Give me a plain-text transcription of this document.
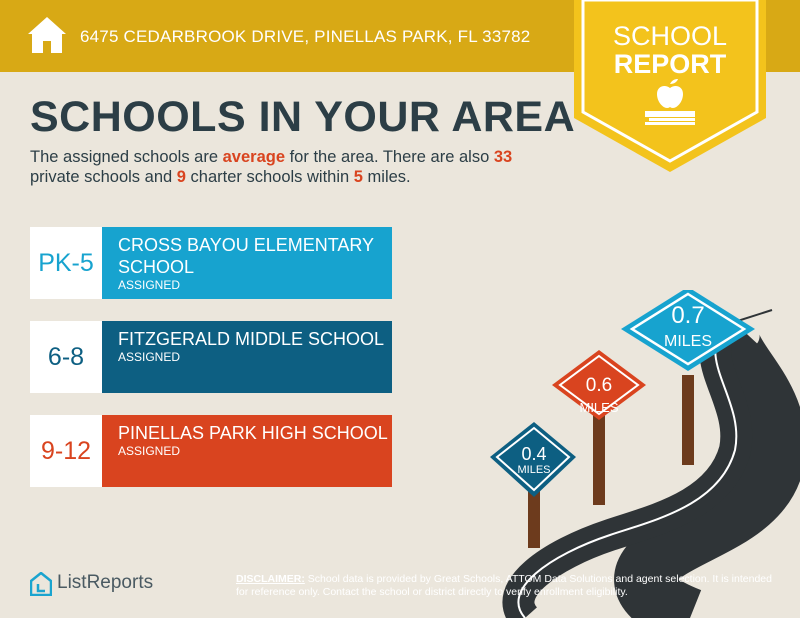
6475 CEDARBROOK DRIVE, PINELLAS PARK, FL 33782	SCHOOL
REPORT
SCHOOLS IN YOUR AREA

The assigned schools are average for the area. There are also 33 private schools and 9 charter schools within 5 miles.

PK-5
CROSS BAYOU ELEMENTARY SCHOOL
ASSIGNED
6-8
FITZGERALD MIDDLE SCHOOL
ASSIGNED
9-12
PINELLAS PARK HIGH SCHOOL
ASSIGNED
0.7
MILES
0.6
MILES
0.4
MILES
ListReports	DISCLAIMER: School data is provided by Great Schools, ATTOM Data Solutions and agent selection. It is intended for reference only. Contact the school or district directly to verify enrollment eligibility.
